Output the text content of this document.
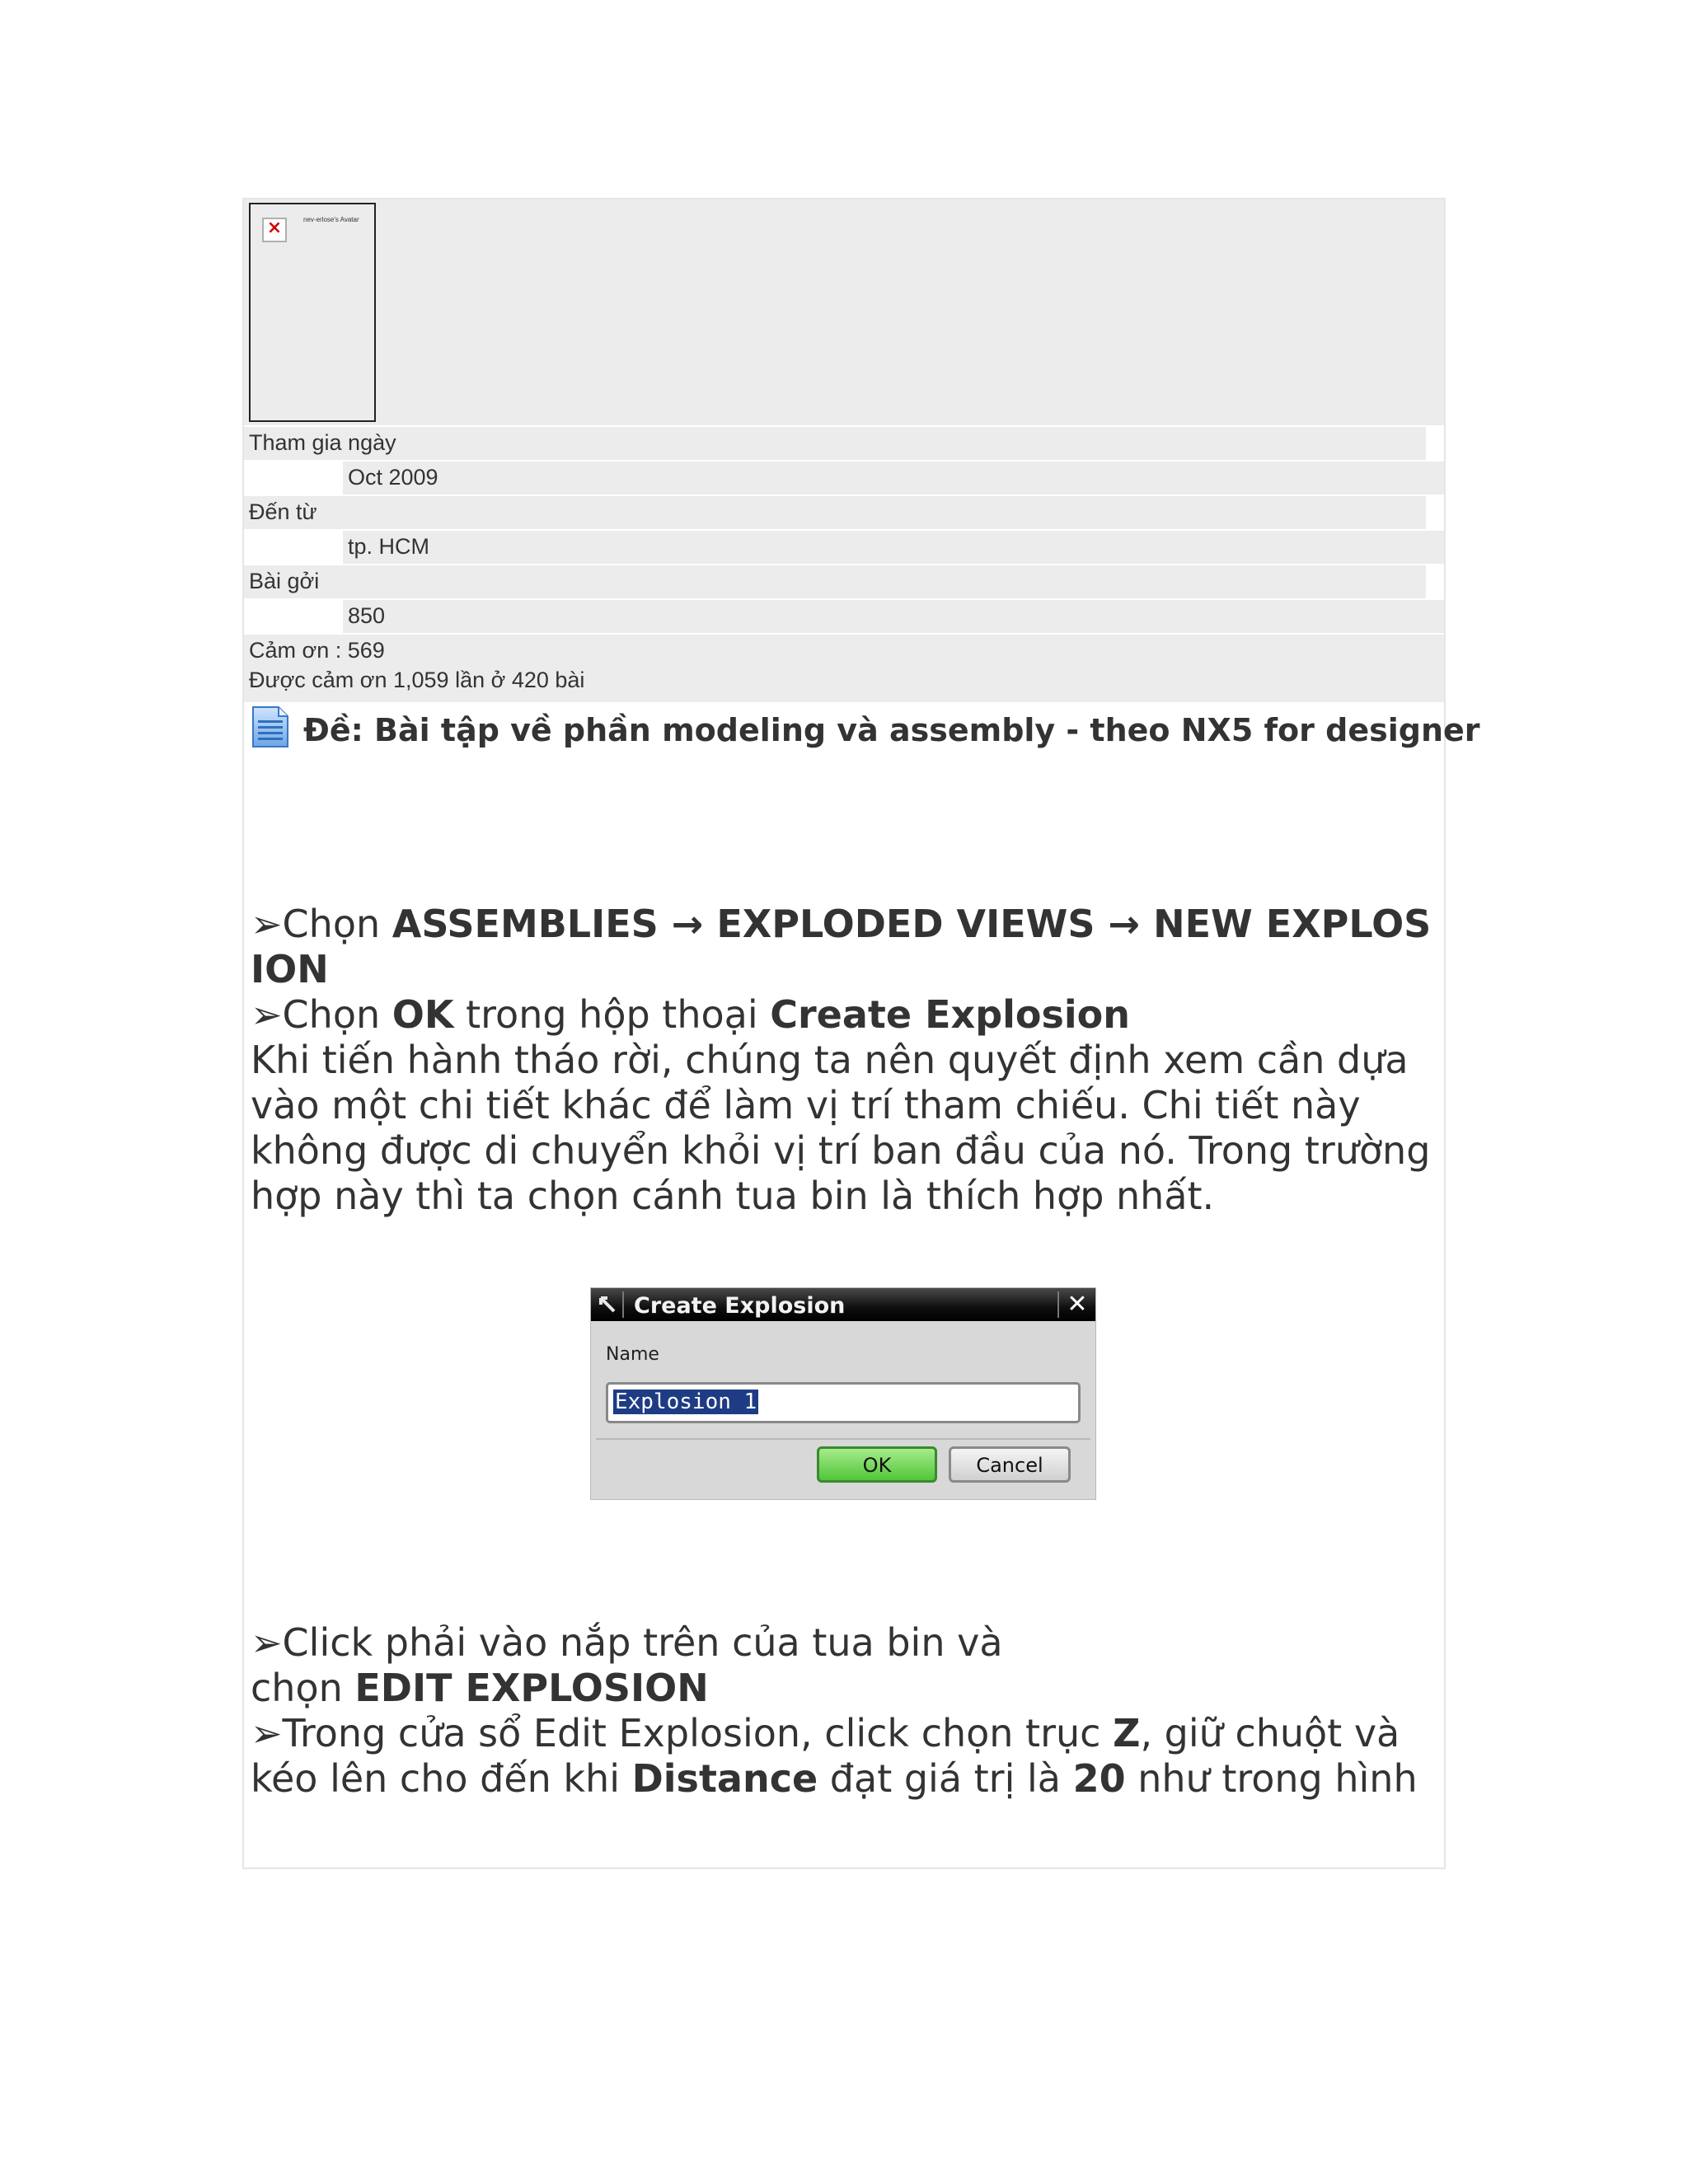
×	nev-erlose's Avatar
Tham gia ngày
Oct 2009
Đến từ
tp. HCM
Bài gởi
850
Cảm ơn : 569
Được cảm ơn 1,059 lần ở 420 bài
Đề: Bài tập về phần modeling và assembly - theo NX5 for designer
➢Chọn ASSEMBLIES → EXPLODED VIEWS → NEW EXPLOS
ION
➢Chọn OK trong hộp thoại Create Explosion
Khi tiến hành tháo rời, chúng ta nên quyết định xem cần dựa
vào một chi tiết khác để làm vị trí tham chiếu. Chi tiết này
không được di chuyển khỏi vị trí ban đầu của nó. Trong trường
hợp này thì ta chọn cánh tua bin là thích hợp nhất.
Create Explosion	✕
Name
Explosion 1
OK	Cancel
➢Click phải vào nắp trên của tua bin và
chọn EDIT EXPLOSION
➢Trong cửa sổ Edit Explosion, click chọn trục Z, giữ chuột và
kéo lên cho đến khi Distance đạt giá trị là 20 như trong hình
